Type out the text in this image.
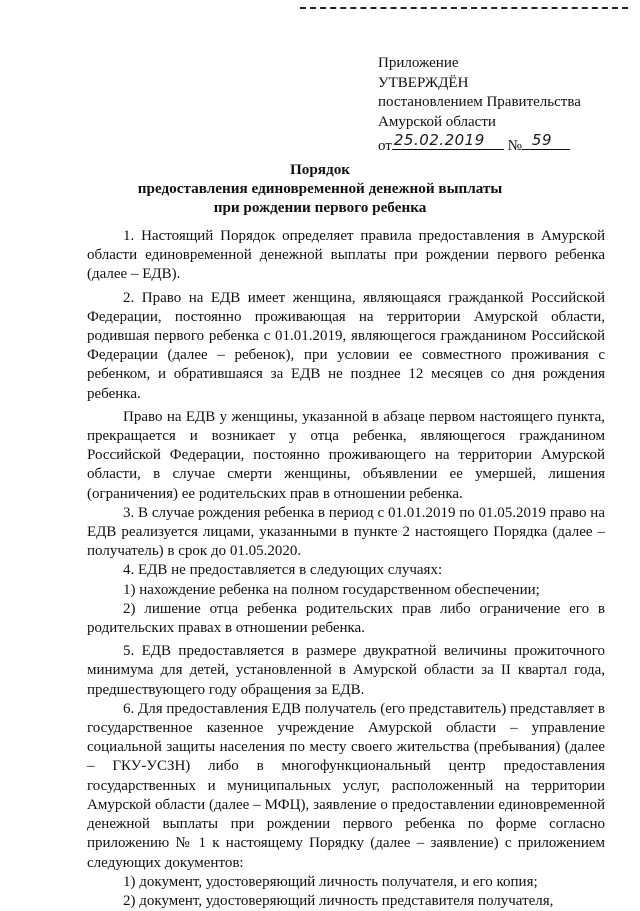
Приложение
УТВЕРЖДЁН
постановлением Правительства
Амурской области
от 25.02.2019 № 59
Порядок
предоставления единовременной денежной выплаты
при рождении первого ребенка

1. Настоящий Порядок определяет правила предоставления в Амурской области единовременной денежной выплаты при рождении первого ребенка (далее – ЕДВ).

2. Право на ЕДВ имеет женщина, являющаяся гражданкой Российской Федерации, постоянно проживающая на территории Амурской области, родившая первого ребенка с 01.01.2019, являющегося гражданином Российской Федерации (далее – ребенок), при условии ее совместного проживания с ребенком, и обратившаяся за ЕДВ не позднее 12 месяцев со дня рождения ребенка.

Право на ЕДВ у женщины, указанной в абзаце первом настоящего пункта, прекращается и возникает у отца ребенка, являющегося гражданином Российской Федерации, постоянно проживающего на территории Амурской области, в случае смерти женщины, объявлении ее умершей, лишения (ограничения) ее родительских прав в отношении ребенка.

3. В случае рождения ребенка в период с 01.01.2019 по 01.05.2019 право на ЕДВ реализуется лицами, указанными в пункте 2 настоящего Порядка (далее – получатель) в срок до 01.05.2020.

4. ЕДВ не предоставляется в следующих случаях:

1) нахождение ребенка на полном государственном обеспечении;

2) лишение отца ребенка родительских прав либо ограничение его в родительских правах в отношении ребенка.

5. ЕДВ предоставляется в размере двукратной величины прожиточного минимума для детей, установленной в Амурской области за II квартал года, предшествующего году обращения за ЕДВ.

6. Для предоставления ЕДВ получатель (его представитель) представляет в государственное казенное учреждение Амурской области – управление социальной защиты населения по месту своего жительства (пребывания) (далее – ГКУ-УСЗН) либо в многофункциональный центр предоставления государственных и муниципальных услуг, расположенный на территории Амурской области (далее – МФЦ), заявление о предоставлении единовременной денежной выплаты при рождении первого ребенка по форме согласно приложению № 1 к настоящему Порядку (далее – заявление) с приложением следующих документов:

1) документ, удостоверяющий личность получателя, и его копия;

2) документ, удостоверяющий личность представителя получателя,
